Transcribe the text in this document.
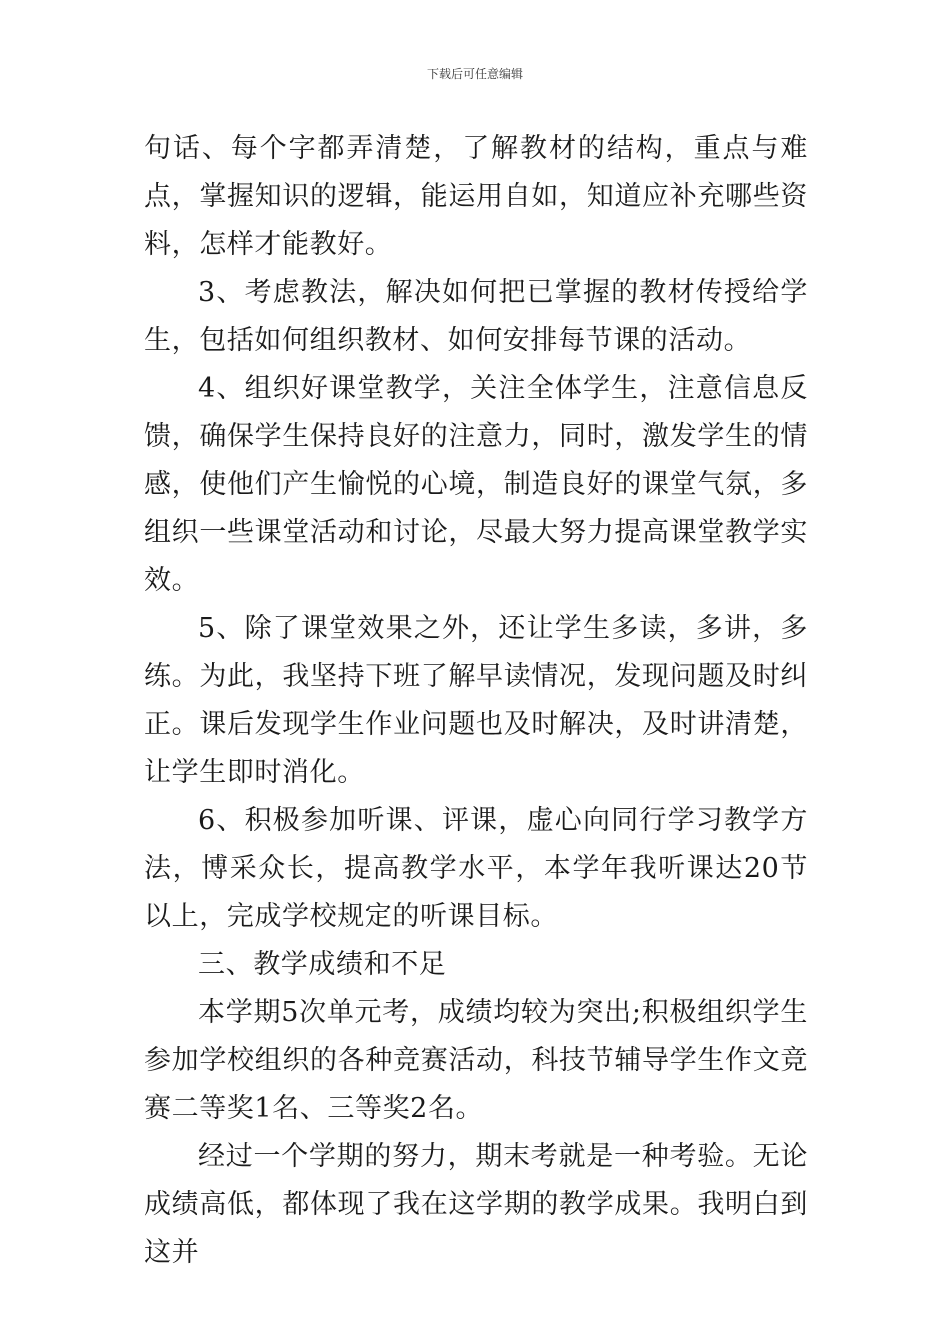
下载后可任意编辑

句话、每个字都弄清楚，了解教材的结构，重点与难点，掌握知识的逻辑，能运用自如，知道应补充哪些资料，怎样才能教好。

3、考虑教法，解决如何把已掌握的教材传授给学生，包括如何组织教材、如何安排每节课的活动。

4、组织好课堂教学，关注全体学生，注意信息反馈，确保学生保持良好的注意力，同时，激发学生的情感，使他们产生愉悦的心境，制造良好的课堂气氛，多组织一些课堂活动和讨论，尽最大努力提高课堂教学实效。

5、除了课堂效果之外，还让学生多读，多讲，多练。为此，我坚持下班了解早读情况，发现问题及时纠正。课后发现学生作业问题也及时解决，及时讲清楚，让学生即时消化。

6、积极参加听课、评课，虚心向同行学习教学方法，博采众长，提高教学水平，本学年我听课达20节以上，完成学校规定的听课目标。

三、教学成绩和不足

本学期5次单元考，成绩均较为突出;积极组织学生参加学校组织的各种竞赛活动，科技节辅导学生作文竞赛二等奖1名、三等奖2名。

经过一个学期的努力，期末考就是一种考验。无论成绩高低，都体现了我在这学期的教学成果。我明白到这并
